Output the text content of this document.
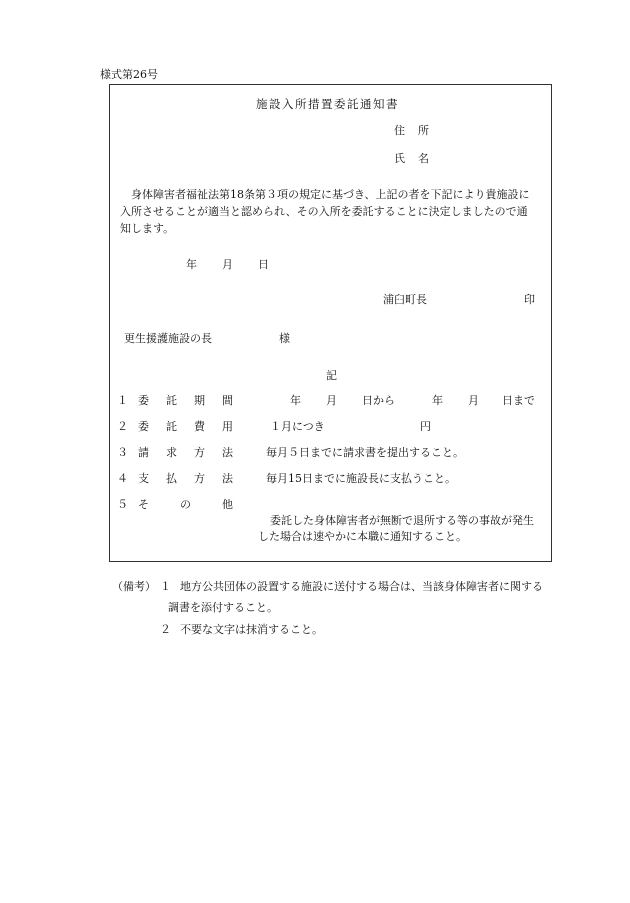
様式第26号
施設入所措置委託通知書
住　所
氏　名
　身体障害者福祉法第18条第３項の規定に基づき、上記の者を下記により貴施設に
入所させることが適当と認められ、その入所を委託することに決定しましたので通
知します。
年 月 日
浦臼町長	印
更生援護施設の長	様
記
１ 委 託 期 間	年 月 日から	年 月 日まで
２ 委 託 費 用	１月につき	円
３ 請 求 方 法	毎月５日までに請求書を提出すること。
４ 支 払 方 法	毎月15日までに施設長に支払うこと。
５ そ	の	他
委託した身体障害者が無断で退所する等の事故が発生
した場合は速やかに本職に通知すること。
（備考） １ 地方公共団体の設置する施設に送付する場合は、当該身体障害者に関する
調書を添付すること。
２ 不要な文字は抹消すること。
